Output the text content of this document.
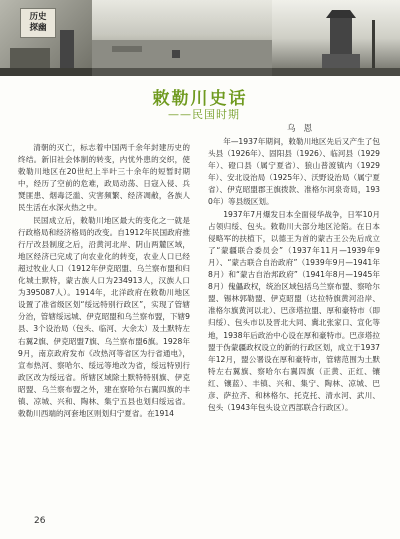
历史
探幽
敕勒川史话
——民国时期
乌恩

清朝的灭亡，标志着中国两千余年封建历史的终结。新旧社会体制的转变，内忧外患的交织，使敕勒川地区在20世纪上半叶三十余年的短暂时期中，经历了空前的危难，政局动荡、日寇入侵、兵燹匪患、烟毒泛滥、灾害频繁、经济凋敝，各族人民生活在水深火热之中。

民国成立后，敕勒川地区最大的变化之一就是行政格局和经济格局的改变。自1912年民国政府推行厅改县制度之后，沿黄河北岸、阴山两麓区域，地区经济已完成了向农业化的转变，农业人口已经超过牧业人口（1912年伊克昭盟、乌兰察布盟和归化城土默特，蒙古族人口为234913人，汉族人口为395087人）。1914年，北洋政府在敕勒川地区设置了准省级区划“绥远特别行政区”，实现了管辖分治，管辖绥远城、伊克昭盟和乌兰察布盟，下辖9县、3个设治局（包头、临河、大余太）及土默特左右翼2旗、伊克昭盟7旗、乌兰察布盟6旗。1928年9月，南京政府发布《改热河等省区为行省通电》，宣布热河、察哈尔、绥远等地改为省，绥远特别行政区改为绥远省。所辖区域除土默特特别旗、伊克昭盟、乌兰察布盟之外，建在察哈尔右翼四旗的丰镇、凉城、兴和、陶林、集宁五县也划归绥远省。敕勒川西端的河套地区则划归宁夏省。在1914

年—1937年期间，敕勒川地区先后又产生了包头县（1926年）、固阳县（1926）、临河县（1929年）、磴口县（属宁夏省）、狼山普渡镇内（1929年）、安北设治局（1925年）、沃野设治局（属宁夏省）、伊克昭盟郡王旗拨款、准格尔河泉奇局，1930年）等县级区划。

1937年7月爆发日本全面侵华战争，日军10月占领归绥、包头。敕勒川大部分地区沦陷。在日本侵略军的扶植下，以德王为首的蒙古王公先后成立了“蒙疆联合委员会”（1937年11月—1939年9月）、“蒙古联合自治政府”（1939年9月—1941年8月）和“蒙古自治邦政府”（1941年8月—1945年8月）傀儡政权，统治区域包括乌兰察布盟、察哈尔盟、锡林郭勒盟、伊克昭盟（达拉特旗黄河沿岸、准格尔旗黄河以北）、巴彦塔拉盟、厚和豪特市（即归绥）、包头市以及晋北大同、冀北张家口、宣化等地，1938年后政治中心设在厚和豪特市。巴彦塔拉盟于伪蒙疆政权设立的新的行政区划，成立于1937年12月，盟公署设在厚和豪特市，管辖范围为土默特左右翼旗、察哈尔右翼四旗（正黄、正红、镶红、镶蓝）、丰镇、兴和、集宁、陶林、凉城、巴彦、萨拉齐、和林格尔、托克托、清水河、武川、包头（1943年包头设立西部联合行政区）。

26
